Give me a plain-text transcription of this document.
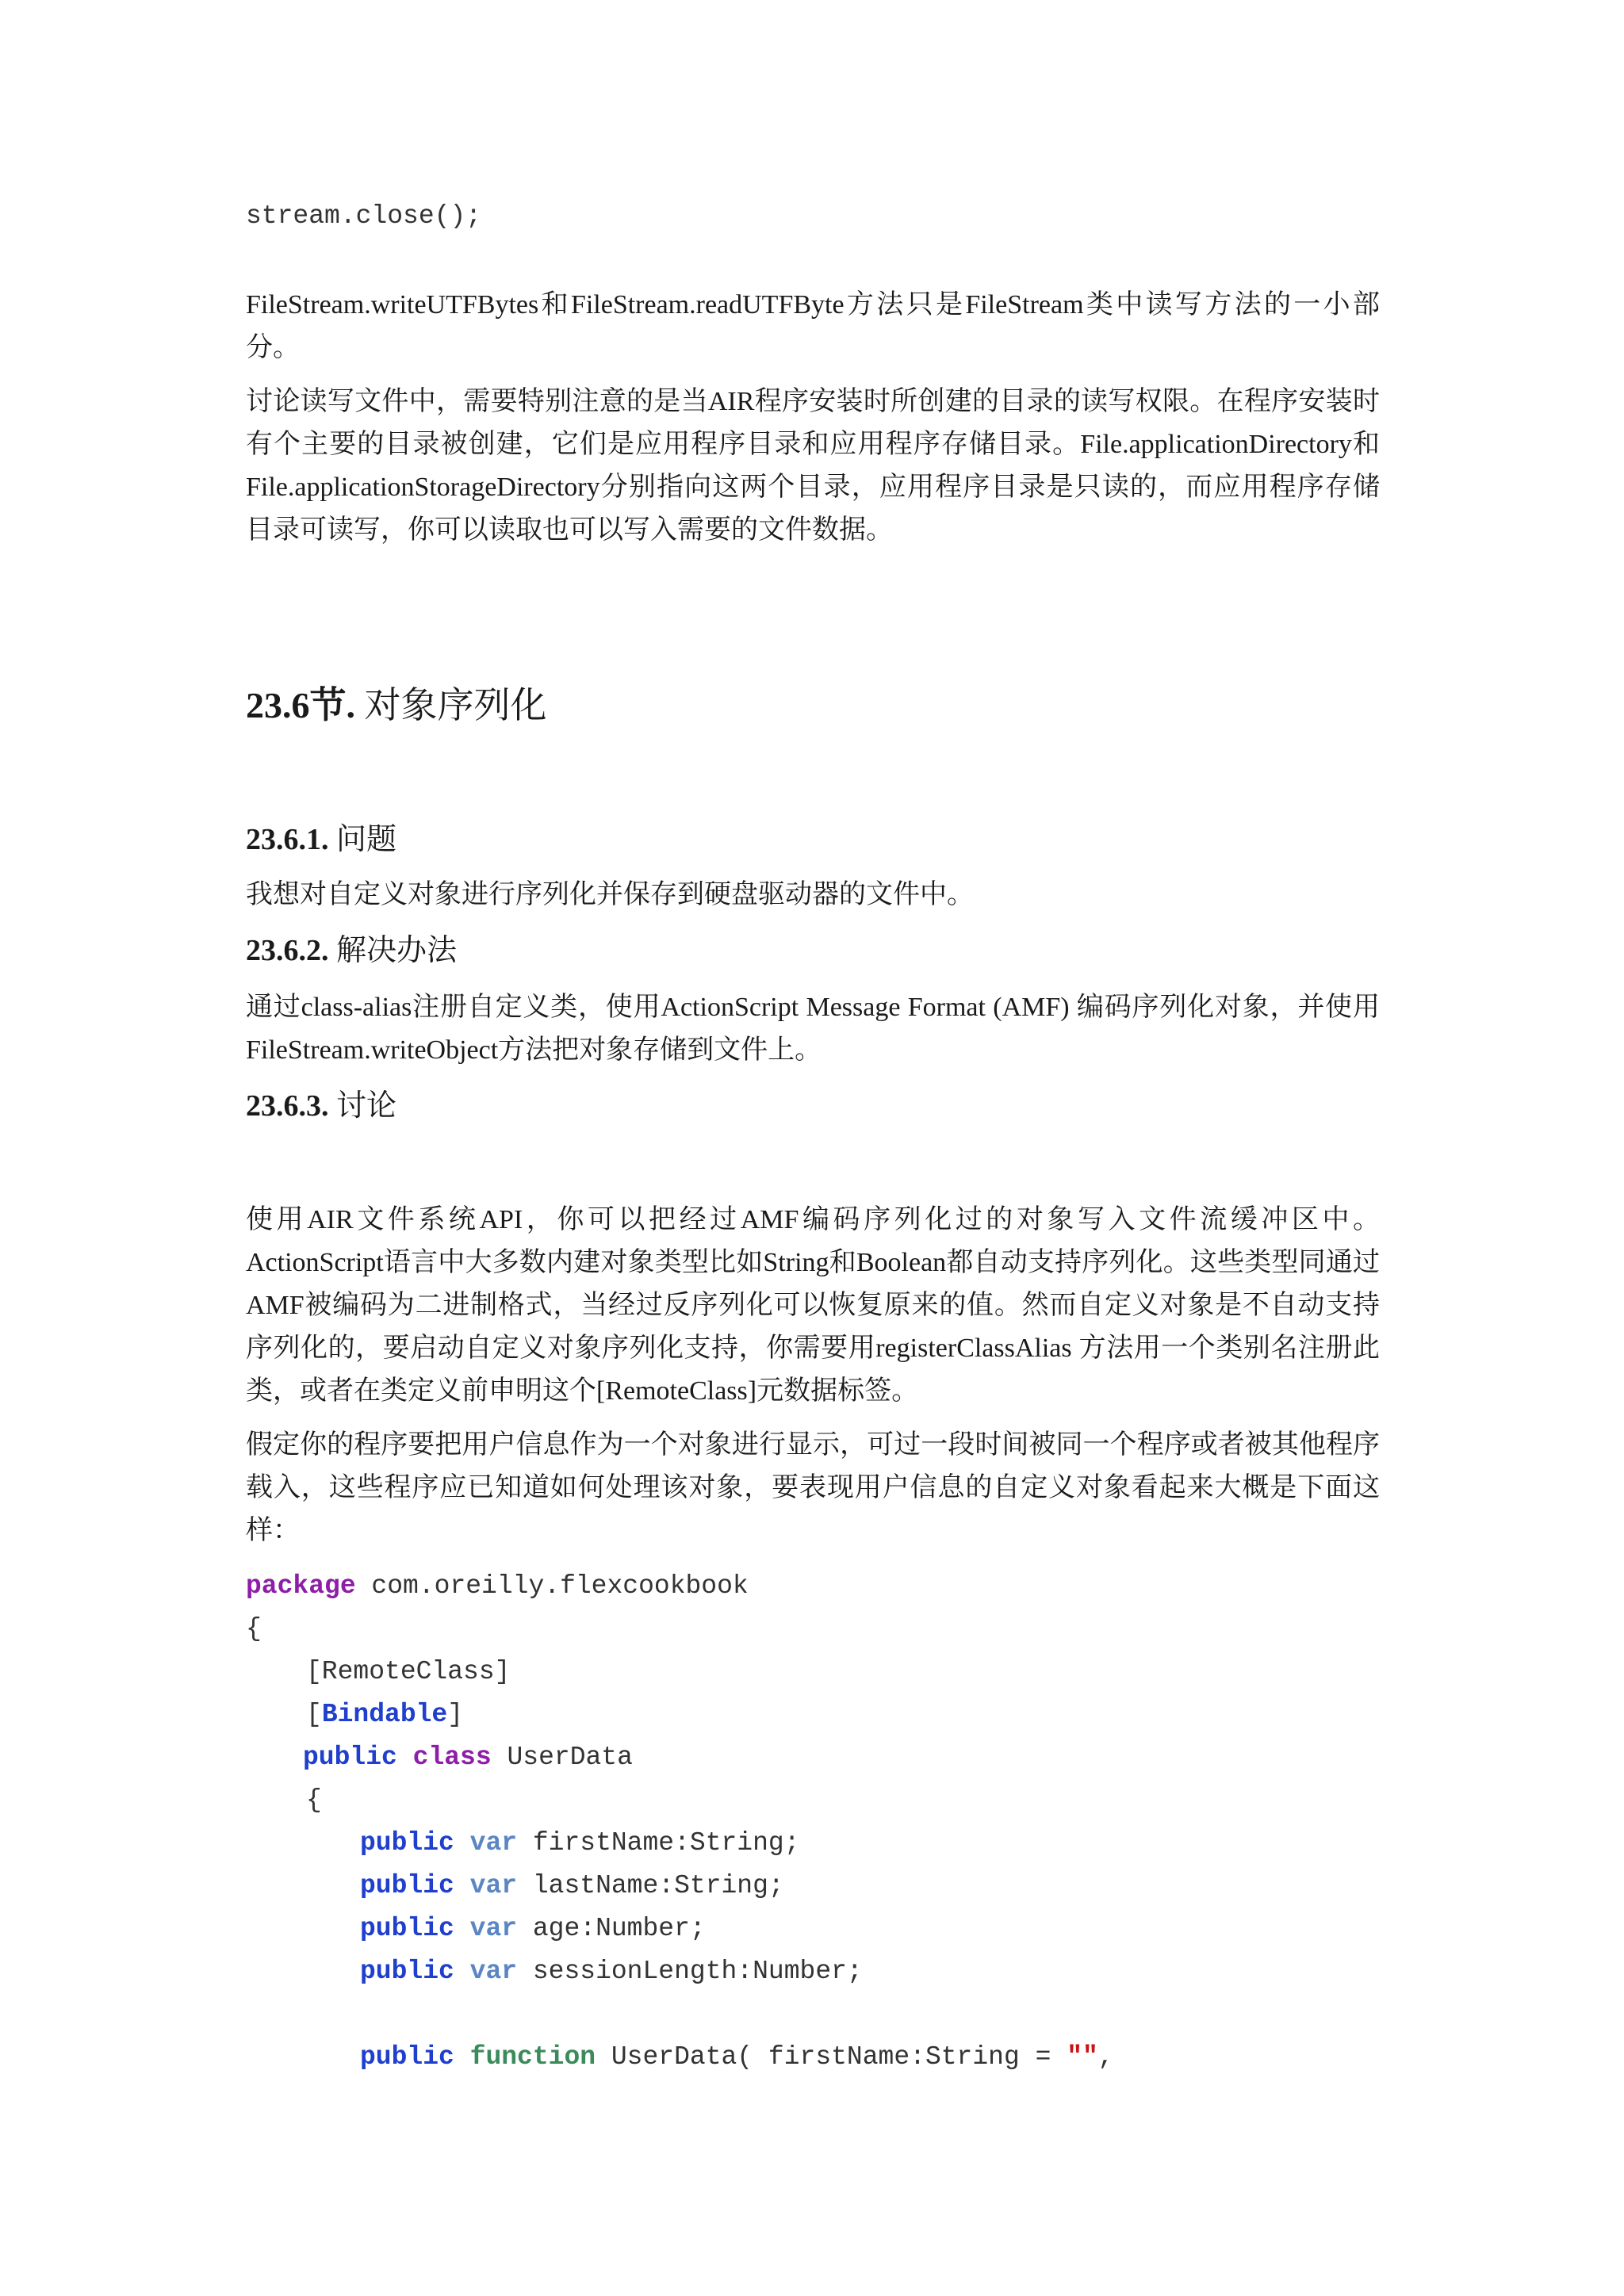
stream.close();
FileStream.writeUTFBytes和FileStream.readUTFByte方法只是FileStream类中读写方法的一小部分。
讨论读写文件中，需要特别注意的是当AIR程序安装时所创建的目录的读写权限。在程序安装时有个主要的目录被创建，它们是应用程序目录和应用程序存储目录。File.applicationDirectory和File.applicationStorageDirectory分别指向这两个目录，应用程序目录是只读的，而应用程序存储目录可读写，你可以读取也可以写入需要的文件数据。
23.6节. 对象序列化
23.6.1. 问题
我想对自定义对象进行序列化并保存到硬盘驱动器的文件中。
23.6.2. 解决办法
通过class-alias注册自定义类，使用ActionScript Message Format (AMF) 编码序列化对象，并使用FileStream.writeObject方法把对象存储到文件上。
23.6.3. 讨论
使用AIR文件系统API，你可以把经过AMF编码序列化过的对象写入文件流缓冲区中。ActionScript语言中大多数内建对象类型比如String和Boolean都自动支持序列化。这些类型同通过AMF被编码为二进制格式，当经过反序列化可以恢复原来的值。然而自定义对象是不自动支持序列化的，要启动自定义对象序列化支持，你需要用registerClassAlias 方法用一个类别名注册此类，或者在类定义前申明这个[RemoteClass]元数据标签。
假定你的程序要把用户信息作为一个对象进行显示，可过一段时间被同一个程序或者被其他程序载入，这些程序应已知道如何处理该对象，要表现用户信息的自定义对象看起来大概是下面这样：
package com.oreilly.flexcookbook
{
[RemoteClass]
[Bindable]
public class UserData
{
public var firstName:String;
public var lastName:String;
public var age:Number;
public var sessionLength:Number;

public function UserData( firstName:String = "",
